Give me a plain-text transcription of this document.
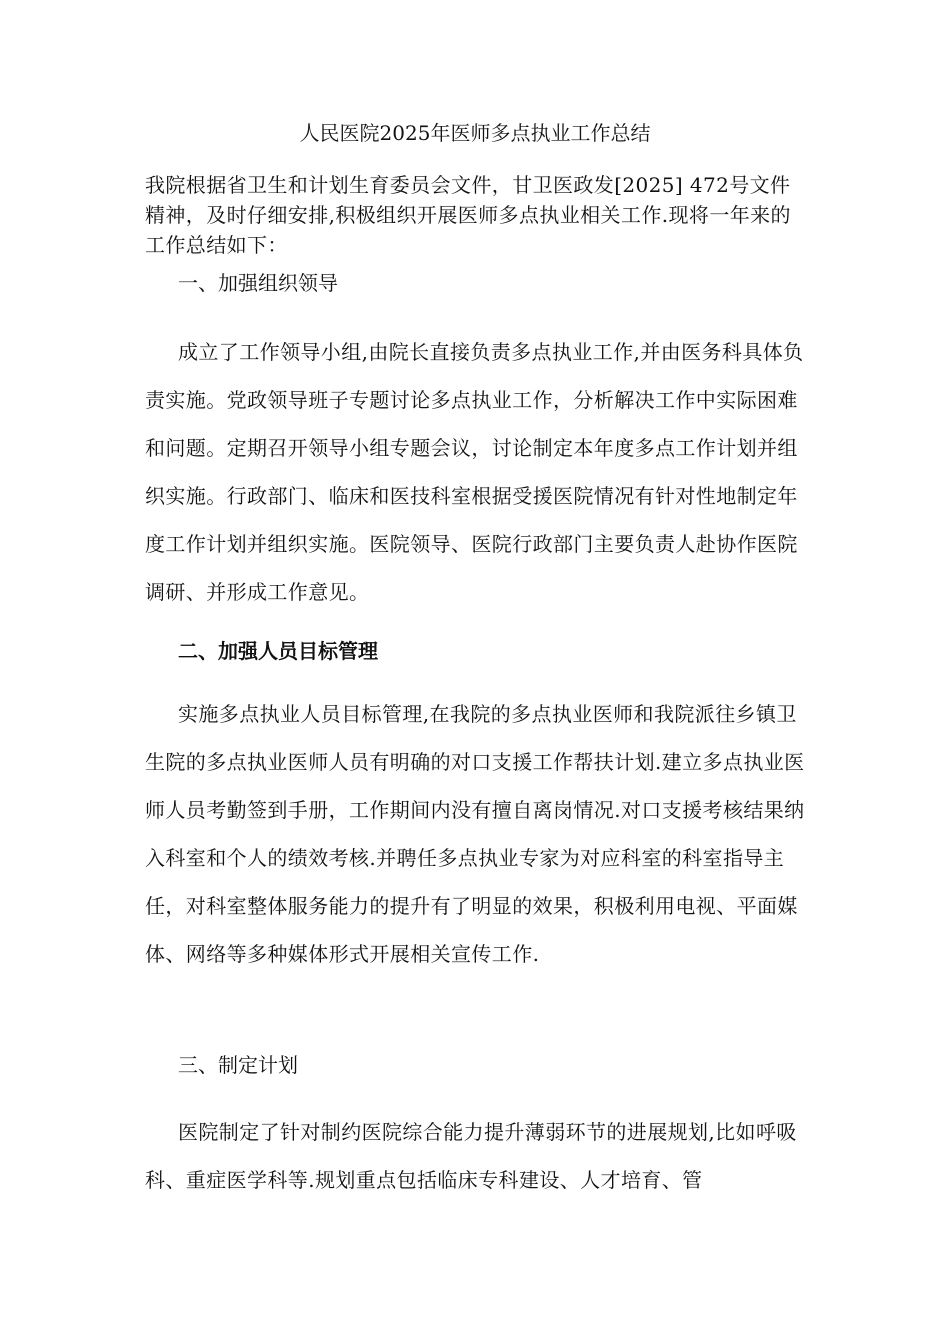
人民医院2025年医师多点执业工作总结

我院根据省卫生和计划生育委员会文件，甘卫医政发[2025] 472号文件精神，及时仔细安排,积极组织开展医师多点执业相关工作.现将一年来的工作总结如下：

一、加强组织领导

成立了工作领导小组,由院长直接负责多点执业工作,并由医务科具体负责实施。党政领导班子专题讨论多点执业工作，分析解决工作中实际困难和问题。定期召开领导小组专题会议，讨论制定本年度多点工作计划并组织实施。行政部门、临床和医技科室根据受援医院情况有针对性地制定年度工作计划并组织实施。医院领导、医院行政部门主要负责人赴协作医院调研、并形成工作意见。

二、加强人员目标管理

实施多点执业人员目标管理,在我院的多点执业医师和我院派往乡镇卫生院的多点执业医师人员有明确的对口支援工作帮扶计划.建立多点执业医师人员考勤签到手册，工作期间内没有擅自离岗情况.对口支援考核结果纳入科室和个人的绩效考核.并聘任多点执业专家为对应科室的科室指导主任，对科室整体服务能力的提升有了明显的效果，积极利用电视、平面媒体、网络等多种媒体形式开展相关宣传工作.

三、制定计划

医院制定了针对制约医院综合能力提升薄弱环节的进展规划,比如呼吸科、重症医学科等.规划重点包括临床专科建设、人才培育、管
